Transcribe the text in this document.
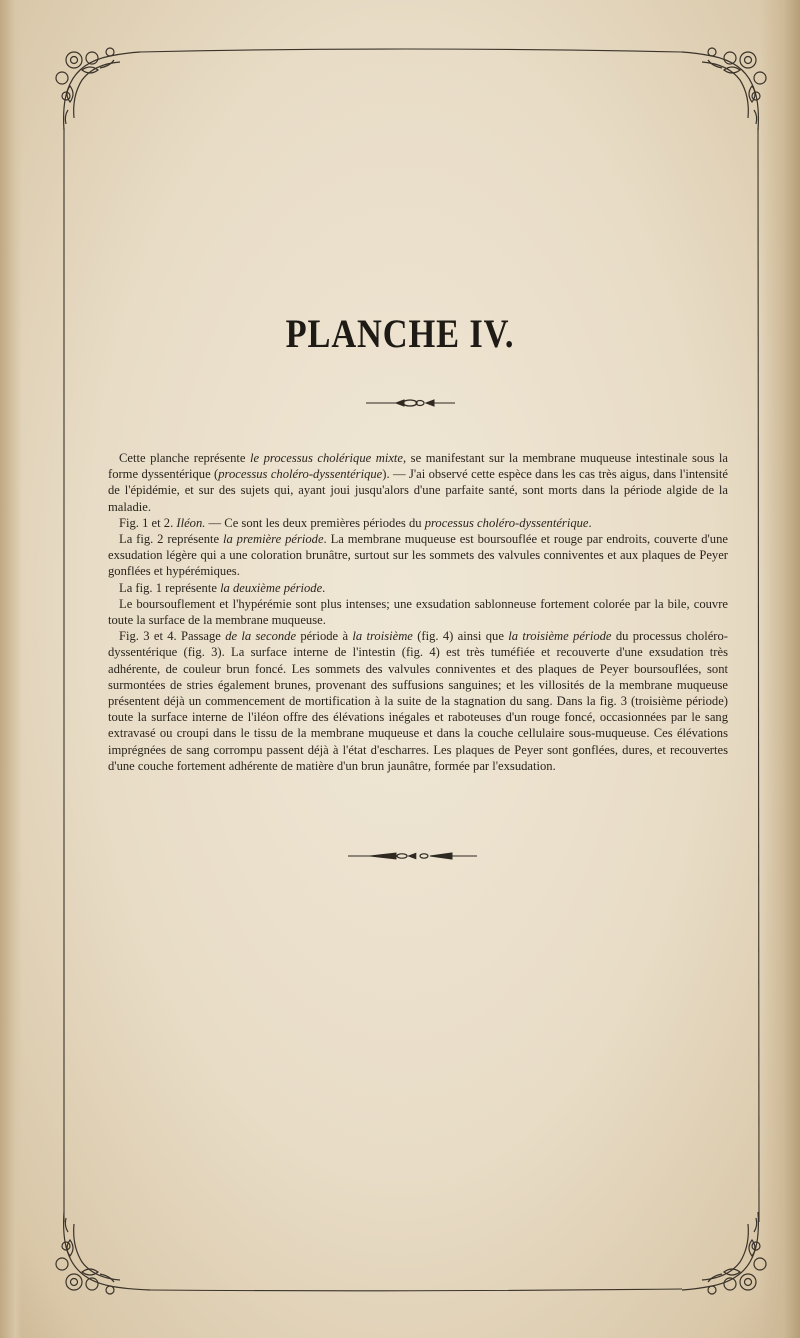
PLANCHE IV.

Cette planche représente le processus cholérique mixte, se manifestant sur la membrane muqueuse intestinale sous la forme dyssentérique (processus choléro-dyssentérique). — J'ai observé cette espèce dans les cas très aigus, dans l'intensité de l'épidémie, et sur des sujets qui, ayant joui jusqu'alors d'une parfaite santé, sont morts dans la période algide de la maladie.

Fig. 1 et 2. Iléon. — Ce sont les deux premières périodes du processus choléro-dyssentérique.

La fig. 2 représente la première période. La membrane muqueuse est boursouflée et rouge par endroits, couverte d'une exsudation légère qui a une coloration brunâtre, surtout sur les sommets des valvules conniventes et aux plaques de Peyer gonflées et hypérémiques.

La fig. 1 représente la deuxième période.

Le boursouflement et l'hypérémie sont plus intenses; une exsudation sablonneuse fortement colorée par la bile, couvre toute la surface de la membrane muqueuse.

Fig. 3 et 4. Passage de la seconde période à la troisième (fig. 4) ainsi que la troisième période du processus choléro-dyssentérique (fig. 3). La surface interne de l'intestin (fig. 4) est très tuméfiée et recouverte d'une exsudation très adhérente, de couleur brun foncé. Les sommets des valvules conniventes et des plaques de Peyer boursouflées, sont surmontées de stries également brunes, provenant des suffusions sanguines; et les villosités de la membrane muqueuse présentent déjà un commencement de mortification à la suite de la stagnation du sang. Dans la fig. 3 (troisième période) toute la surface interne de l'iléon offre des élévations inégales et raboteuses d'un rouge foncé, occasionnées par le sang extravasé ou croupi dans le tissu de la membrane muqueuse et dans la couche cellulaire sous-muqueuse. Ces élévations imprégnées de sang corrompu passent déjà à l'état d'escharres. Les plaques de Peyer sont gonflées, dures, et recouvertes d'une couche fortement adhérente de matière d'un brun jaunâtre, formée par l'exsudation.
